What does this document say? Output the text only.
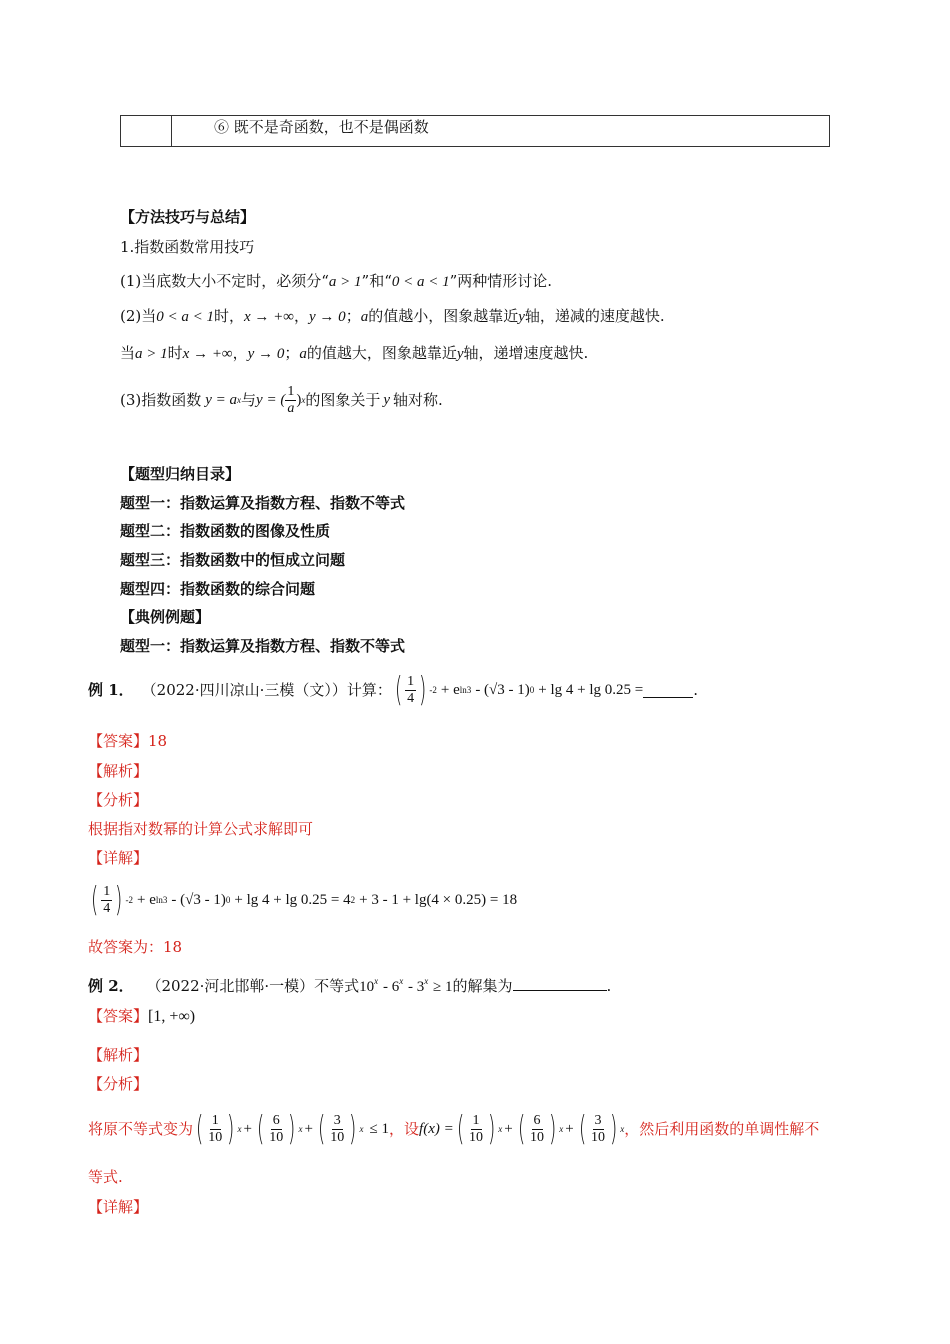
	⑥ 既不是奇函数，也不是偶函数
【方法技巧与总结】
1.指数函数常用技巧
(1)当底数大小不定时，必须分“a > 1”和“0 < a < 1”两种情形讨论.
(2)当0 < a < 1时，x → +∞，y → 0；a的值越小，图象越靠近y轴，递减的速度越快.
当a > 1时x → +∞，y → 0；a的值越大，图象越靠近y轴，递增速度越快.
(3)指数函数 y = a x 与 y = ( $\frac{1}{a}$ ) x 的图象关于 y 轴对称.
【题型归纳目录】
题型一：指数运算及指数方程、指数不等式
题型二：指数函数的图像及性质
题型三：指数函数中的恒成立问题
题型四：指数函数的综合问题
【典例例题】
题型一：指数运算及指数方程、指数不等式
例 1． （2022·四川凉山·三模（文））计算： ( $\frac{1}{4}$ ) -2 + e ln3 - (√3 - 1) 0 + lg 4 + lg 0.25 =	.
【答案】18
【解析】
【分析】
根据指对数幂的计算公式求解即可
【详解】
( $\frac{1}{4}$ ) -2 + e ln3 - (√3 - 1) 0 + lg 4 + lg 0.25 = 4 2 + 3 - 1 + lg(4 × 0.25) = 18
故答案为：18
例 2． （2022·河北邯郸·一模）不等式$10^x - 6^x - 3^x \ge 1$的解集为	.
【答案】[1, +∞)
【解析】
【分析】
将原不等式变为 ( $\frac{1}{10}$ ) x + ( $\frac{6}{10}$ ) x + ( $\frac{3}{10}$ ) x ≤ 1 ，设 f(x) = ( $\frac{1}{10}$ ) x + ( $\frac{6}{10}$ ) x + ( $\frac{3}{10}$ ) x ，然后利用函数的单调性解不
等式.
【详解】
